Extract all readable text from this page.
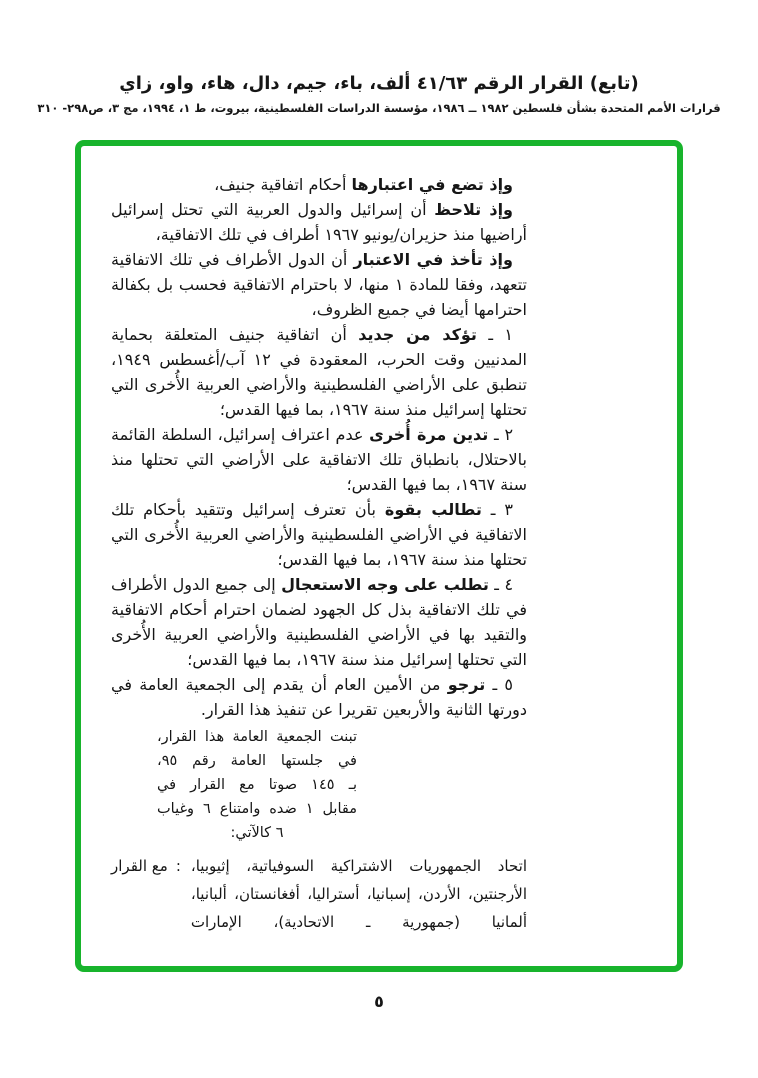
(تابع) القرار الرقم ٤١/٦٣ ألف، باء، جيم، دال، هاء، واو، زاي
قرارات الأمم المتحدة بشأن فلسطين ١٩٨٢ ــ ١٩٨٦، مؤسسة الدراسات الفلسطينية، بيروت، ط ١، ١٩٩٤، مج ٣، ص٢٩٨- ٣١٠

وإذ تضع في اعتبارها أحكام اتفاقية جنيف،

وإذ تلاحظ أن إسرائيل والدول العربية التي تحتل إسرائيل أراضيها منذ حزيران/يونيو ١٩٦٧ أطراف في تلك الاتفاقية،

وإذ تأخذ في الاعتبار أن الدول الأطراف في تلك الاتفاقية تتعهد، وفقا للمادة ١ منها، لا باحترام الاتفاقية فحسب بل بكفالة احترامها أيضا في جميع الظروف،

١ ـ تؤكد من جديد أن اتفاقية جنيف المتعلقة بحماية المدنيين وقت الحرب، المعقودة في ١٢ آب/أغسطس ١٩٤٩، تنطبق على الأراضي الفلسطينية والأراضي العربية الأُخرى التي تحتلها إسرائيل منذ سنة ١٩٦٧، بما فيها القدس؛

٢ ـ تدين مرة أُخرى عدم اعتراف إسرائيل، السلطة القائمة بالاحتلال، بانطباق تلك الاتفاقية على الأراضي التي تحتلها منذ سنة ١٩٦٧، بما فيها القدس؛

٣ ـ تطالب بقوة بأن تعترف إسرائيل وتتقيد بأحكام تلك الاتفاقية في الأراضي الفلسطينية والأراضي العربية الأُخرى التي تحتلها منذ سنة ١٩٦٧، بما فيها القدس؛

٤ ـ تطلب على وجه الاستعجال إلى جميع الدول الأطراف في تلك الاتفاقية بذل كل الجهود لضمان احترام أحكام الاتفاقية والتقيد بها في الأراضي الفلسطينية والأراضي العربية الأُخرى التي تحتلها إسرائيل منذ سنة ١٩٦٧، بما فيها القدس؛

٥ ـ ترجو من الأمين العام أن يقدم إلى الجمعية العامة في دورتها الثانية والأربعين تقريرا عن تنفيذ هذا القرار.

تبنت الجمعية العامة هذا القرار،
في جلستها العامة رقم ٩٥،
بـ ١٤٥ صوتا مع القرار في
مقابل ١ ضده وامتناع ٦ وغياب
٦ كالآتي:
مع القرار : اتحاد الجمهوريات الاشتراكية السوفياتية، إثيوبيا، الأرجنتين، الأردن، إسبانيا، أستراليا، أفغانستان، ألبانيا، ألمانيا (جمهورية ـ الاتحادية)، الإمارات
٥
